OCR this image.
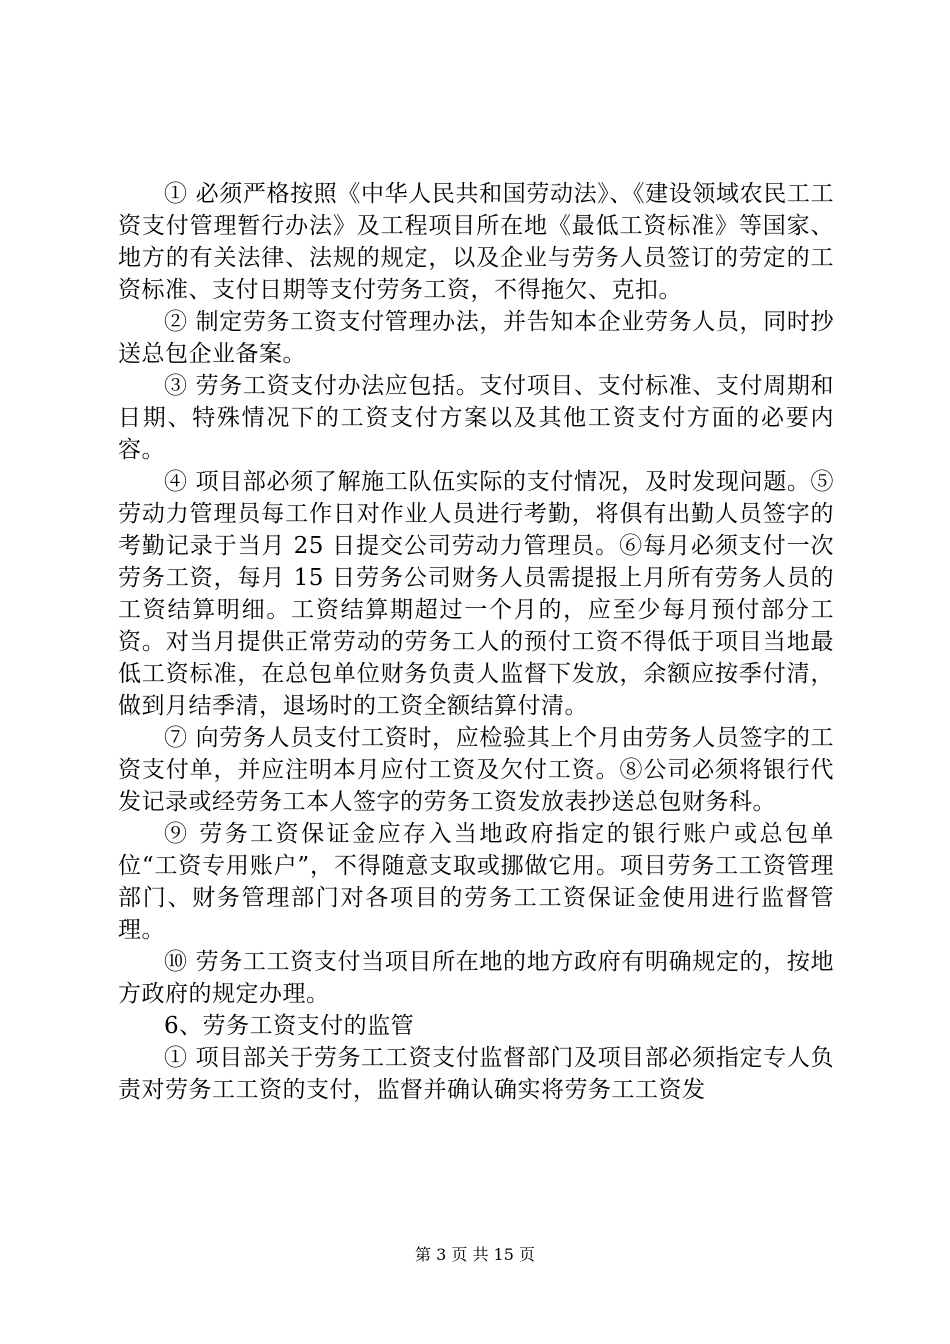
① 必须严格按照《中华人民共和国劳动法》、《建设领域农民工工资支付管理暂行办法》及工程项目所在地《最低工资标准》等国家、地方的有关法律、法规的规定，以及企业与劳务人员签订的劳定的工资标准、支付日期等支付劳务工资，不得拖欠、克扣。

② 制定劳务工资支付管理办法，并告知本企业劳务人员，同时抄送总包企业备案。

③ 劳务工资支付办法应包括。支付项目、支付标准、支付周期和日期、特殊情况下的工资支付方案以及其他工资支付方面的必要内容。

④ 项目部必须了解施工队伍实际的支付情况，及时发现问题。⑤劳动力管理员每工作日对作业人员进行考勤，将俱有出勤人员签字的考勤记录于当月 25 日提交公司劳动力管理员。⑥每月必须支付一次劳务工资，每月 15 日劳务公司财务人员需提报上月所有劳务人员的工资结算明细。工资结算期超过一个月的，应至少每月预付部分工资。对当月提供正常劳动的劳务工人的预付工资不得低于项目当地最低工资标准，在总包单位财务负责人监督下发放，余额应按季付清，做到月结季清，退场时的工资全额结算付清。

⑦ 向劳务人员支付工资时，应检验其上个月由劳务人员签字的工资支付单，并应注明本月应付工资及欠付工资。⑧公司必须将银行代发记录或经劳务工本人签字的劳务工资发放表抄送总包财务科。

⑨ 劳务工资保证金应存入当地政府指定的银行账户或总包单位“工资专用账户”，不得随意支取或挪做它用。项目劳务工工资管理部门、财务管理部门对各项目的劳务工工资保证金使用进行监督管理。

⑩ 劳务工工资支付当项目所在地的地方政府有明确规定的，按地方政府的规定办理。

6、劳务工资支付的监管

① 项目部关于劳务工工资支付监督部门及项目部必须指定专人负责对劳务工工资的支付，监督并确认确实将劳务工工资发

第 3 页 共 15 页
